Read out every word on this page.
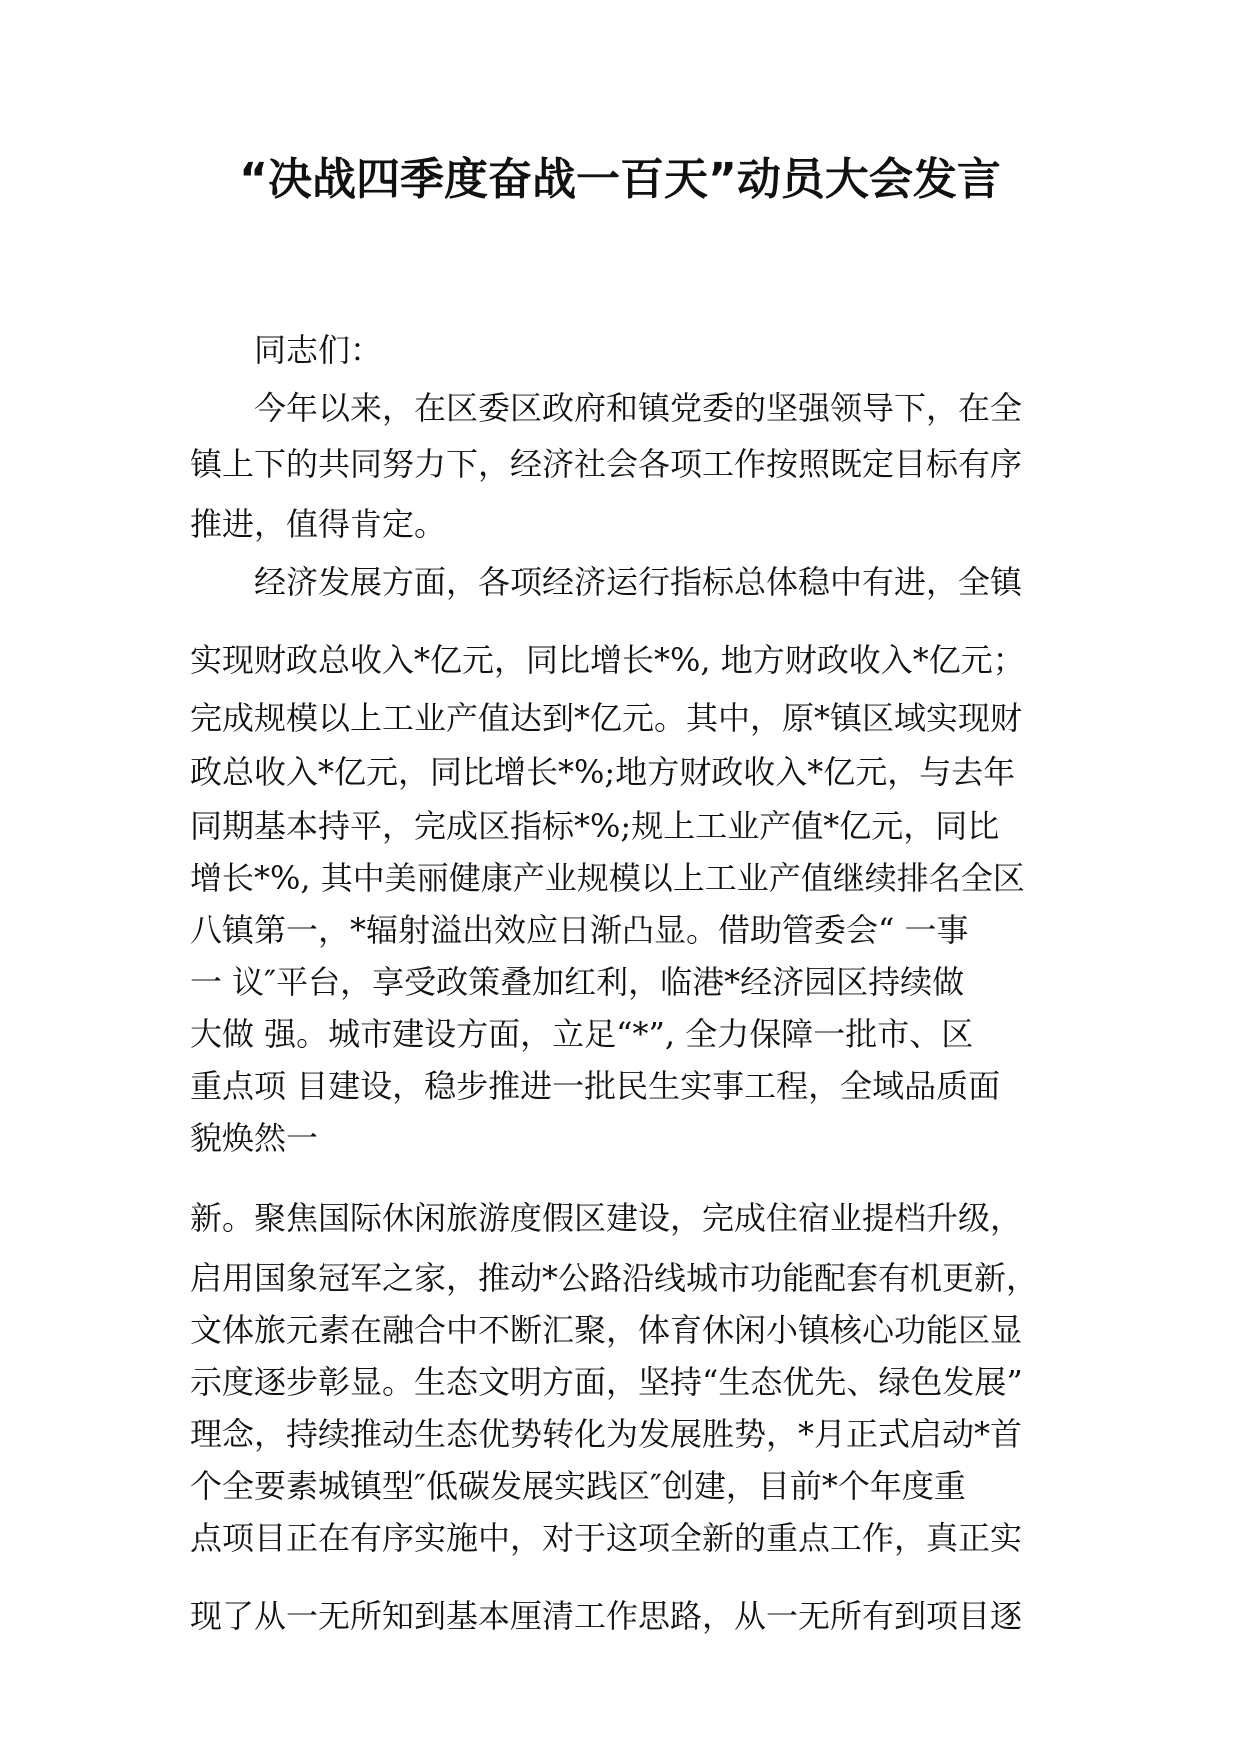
“决战四季度奋战一百天”动员大会发言
同志们：
今年以来，在区委区政府和镇党委的坚强领导下，在全
镇上下的共同努力下，经济社会各项工作按照既定目标有序
推进，值得肯定。
经济发展方面，各项经济运行指标总体稳中有进，全镇
实现财政总收入*亿元，同比增长*%, 地方财政收入*亿元；
完成规模以上工业产值达到*亿元。其中，原*镇区域实现财
政总收入*亿元，同比增长*%;地方财政收入*亿元，与去年
同期基本持平，完成区指标*%;规上工业产值*亿元，同比
增长*%, 其中美丽健康产业规模以上工业产值继续排名全区
八镇第一，*辐射溢出效应日渐凸显。借助管委会“ 一事
一 议″平台，享受政策叠加红利，临港*经济园区持续做
大做 强。城市建设方面，立足“*”, 全力保障一批市、区
重点项 目建设，稳步推进一批民生实事工程，全域品质面
貌焕然一
新。聚焦国际休闲旅游度假区建设，完成住宿业提档升级，
启用国象冠军之家，推动*公路沿线城市功能配套有机更新，
文体旅元素在融合中不断汇聚，体育休闲小镇核心功能区显
示度逐步彰显。生态文明方面，坚持“生态优先、绿色发展”
理念，持续推动生态优势转化为发展胜势，*月正式启动*首
个全要素城镇型″低碳发展实践区″创建，目前*个年度重
点项目正在有序实施中，对于这项全新的重点工作，真正实
现了从一无所知到基本厘清工作思路，从一无所有到项目逐
